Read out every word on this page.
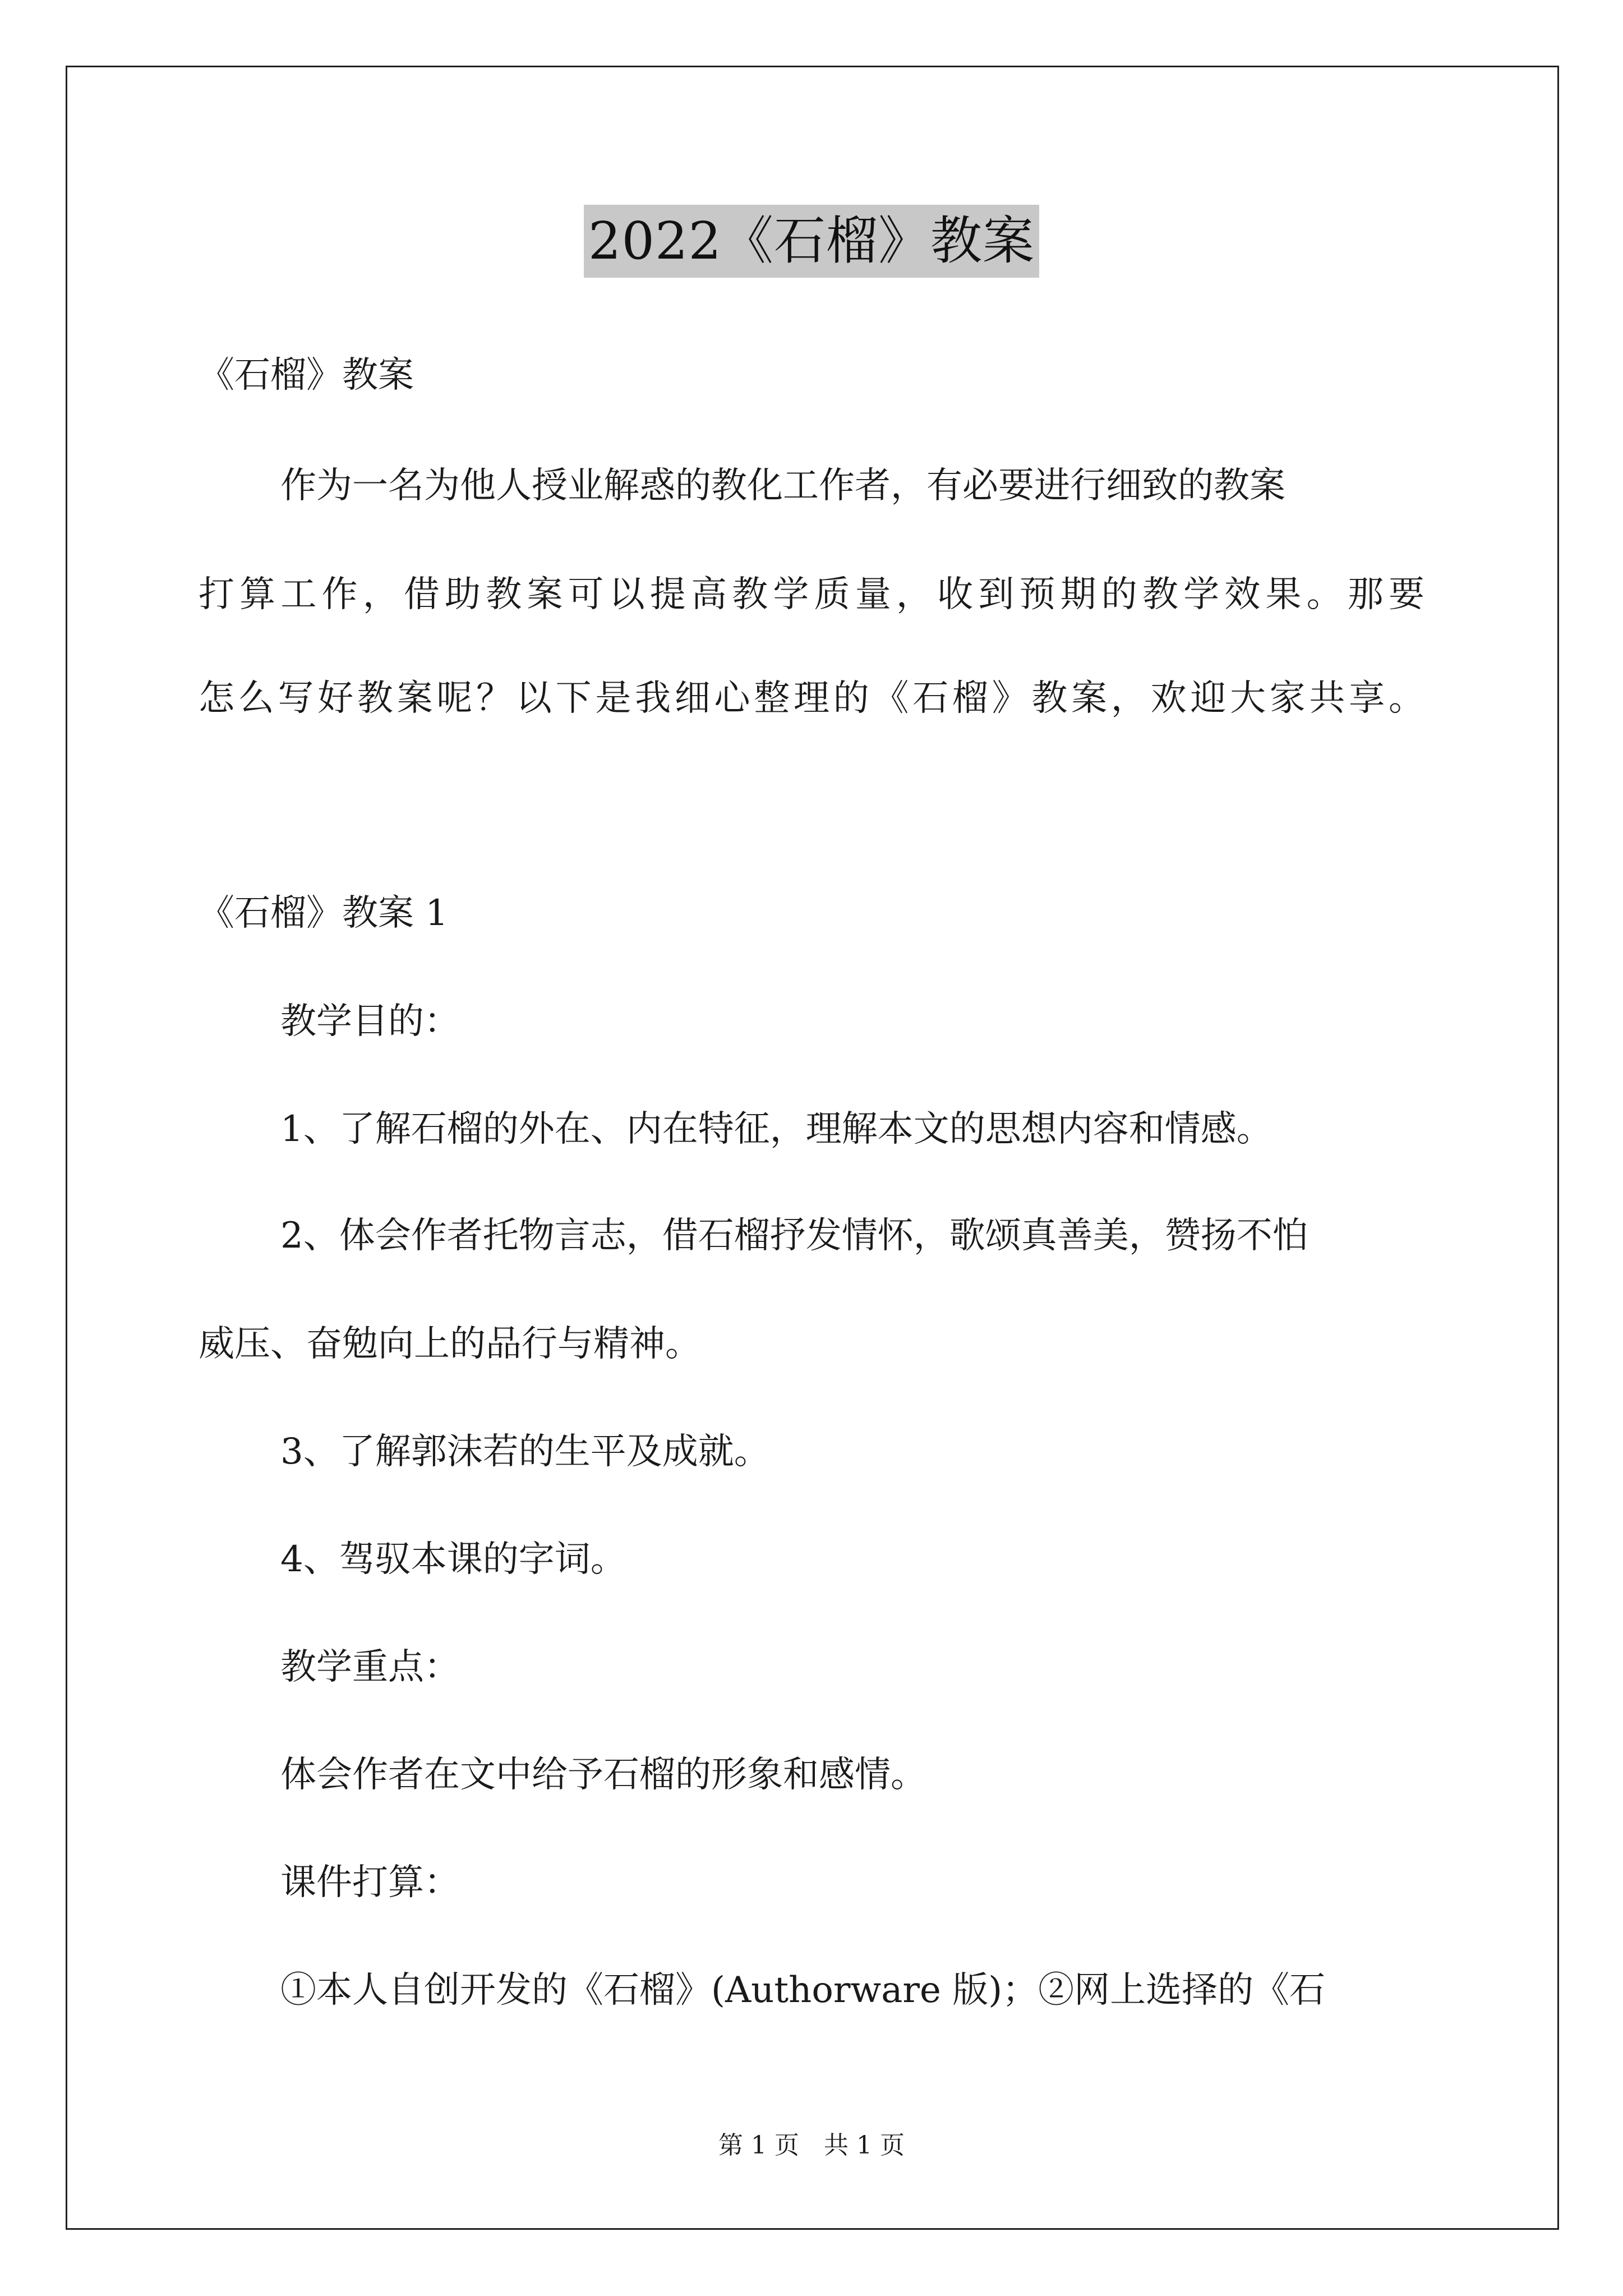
2022《石榴》教案
《石榴》教案
作为一名为他人授业解惑的教化工作者，有必要进行细致的教案
打算工作，借助教案可以提高教学质量，收到预期的教学效果。那要
怎么写好教案呢？以下是我细心整理的《石榴》教案，欢迎大家共享。
《石榴》教案 1
教学目的：
1、了解石榴的外在、内在特征，理解本文的思想内容和情感。
2、体会作者托物言志，借石榴抒发情怀，歌颂真善美，赞扬不怕
威压、奋勉向上的品行与精神。
3、了解郭沫若的生平及成就。
4、驾驭本课的字词。
教学重点：
体会作者在文中给予石榴的形象和感情。
课件打算：
①本人自创开发的《石榴》(Authorware 版)；②网上选择的《石
第 1 页　共 1 页
